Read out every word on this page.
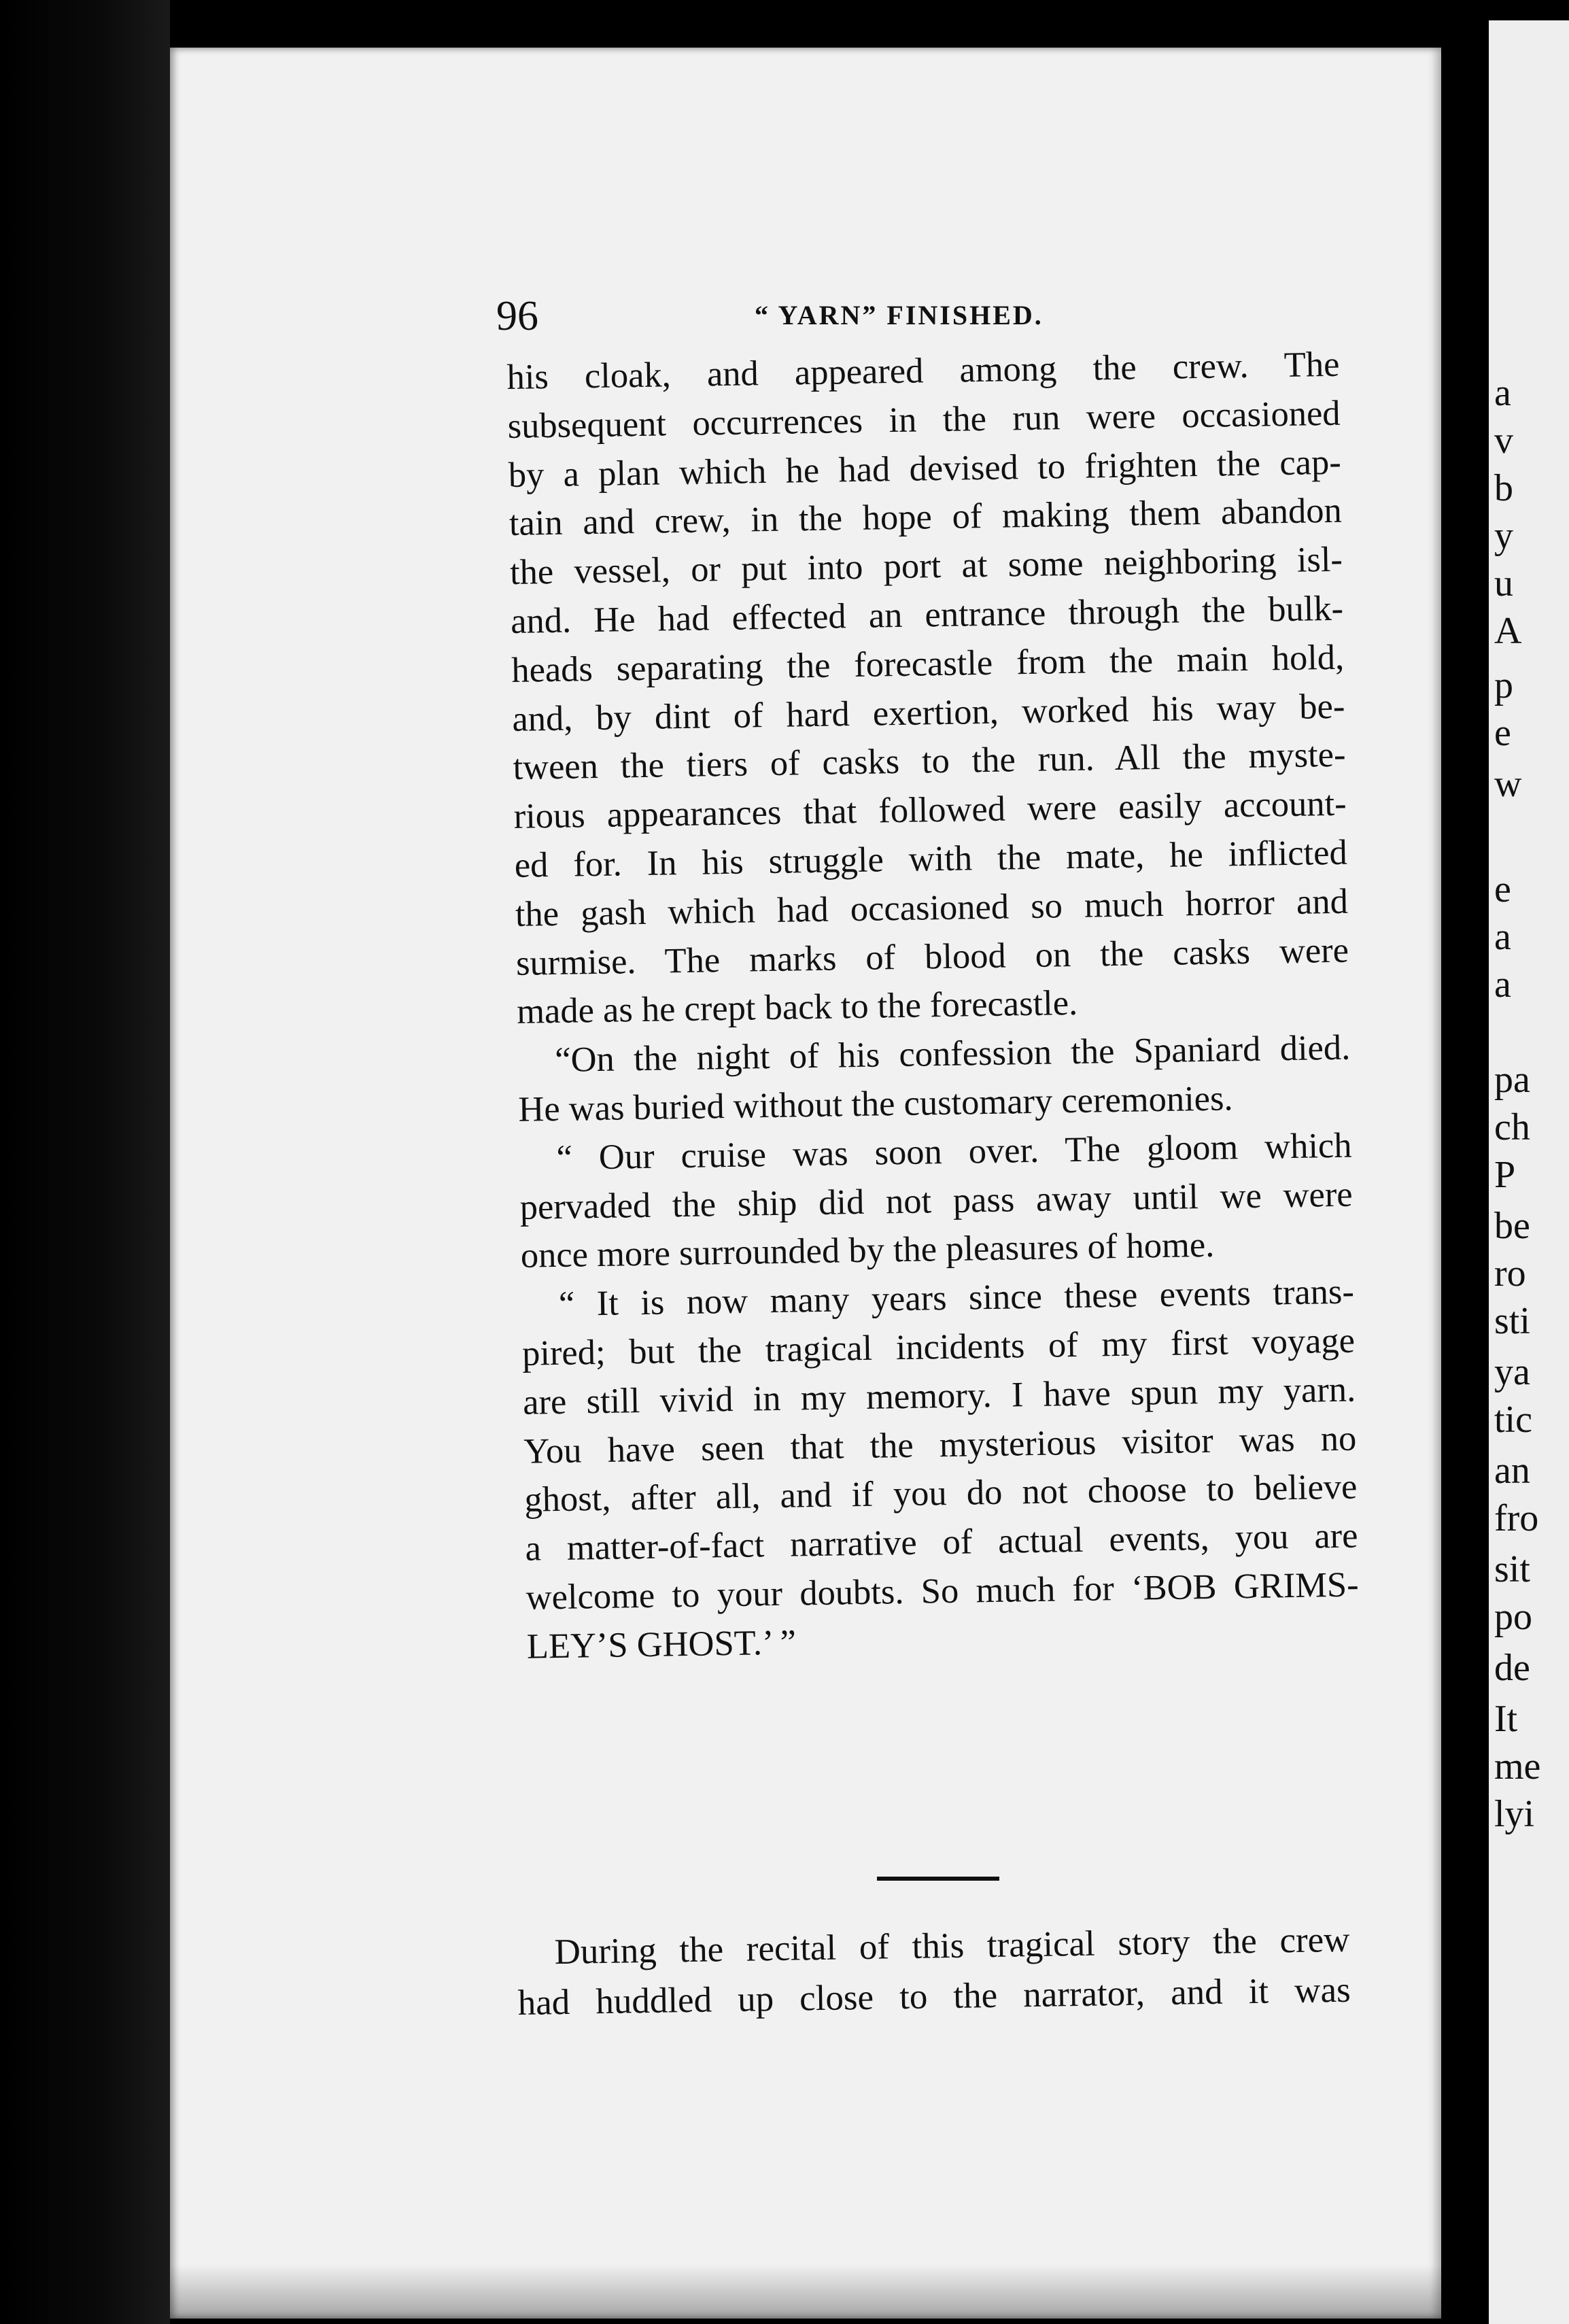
96	“ YARN” FINISHED.
his cloak, and appeared among the crew. The
subsequent occurrences in the run were occasioned
by a plan which he had devised to frighten the cap-
tain and crew, in the hope of making them abandon
the vessel, or put into port at some neighboring isl-
and. He had effected an entrance through the bulk-
heads separating the forecastle from the main hold,
and, by dint of hard exertion, worked his way be-
tween the tiers of casks to the run. All the myste-
rious appearances that followed were easily account-
ed for. In his struggle with the mate, he inflicted
the gash which had occasioned so much horror and
surmise. The marks of blood on the casks were
made as he crept back to the forecastle.
“On the night of his confession the Spaniard died.
He was buried without the customary ceremonies.
“ Our cruise was soon over. The gloom which
pervaded the ship did not pass away until we were
once more surrounded by the pleasures of home.
“ It is now many years since these events trans-
pired; but the tragical incidents of my first voyage
are still vivid in my memory. I have spun my yarn.
You have seen that the mysterious visitor was no
ghost, after all, and if you do not choose to believe
a matter-of-fact narrative of actual events, you are
welcome to your doubts. So much for ‘BOB GRIMS-
LEY’S GHOST.’ ”
During the recital of this tragical story the crew
had huddled up close to the narrator, and it was
a
v
b
y
u
A
p
e
w
e
a
a
pa
ch
P
be
ro
sti
ya
tic
an
fro
sit
po
de
It
me
lyi
